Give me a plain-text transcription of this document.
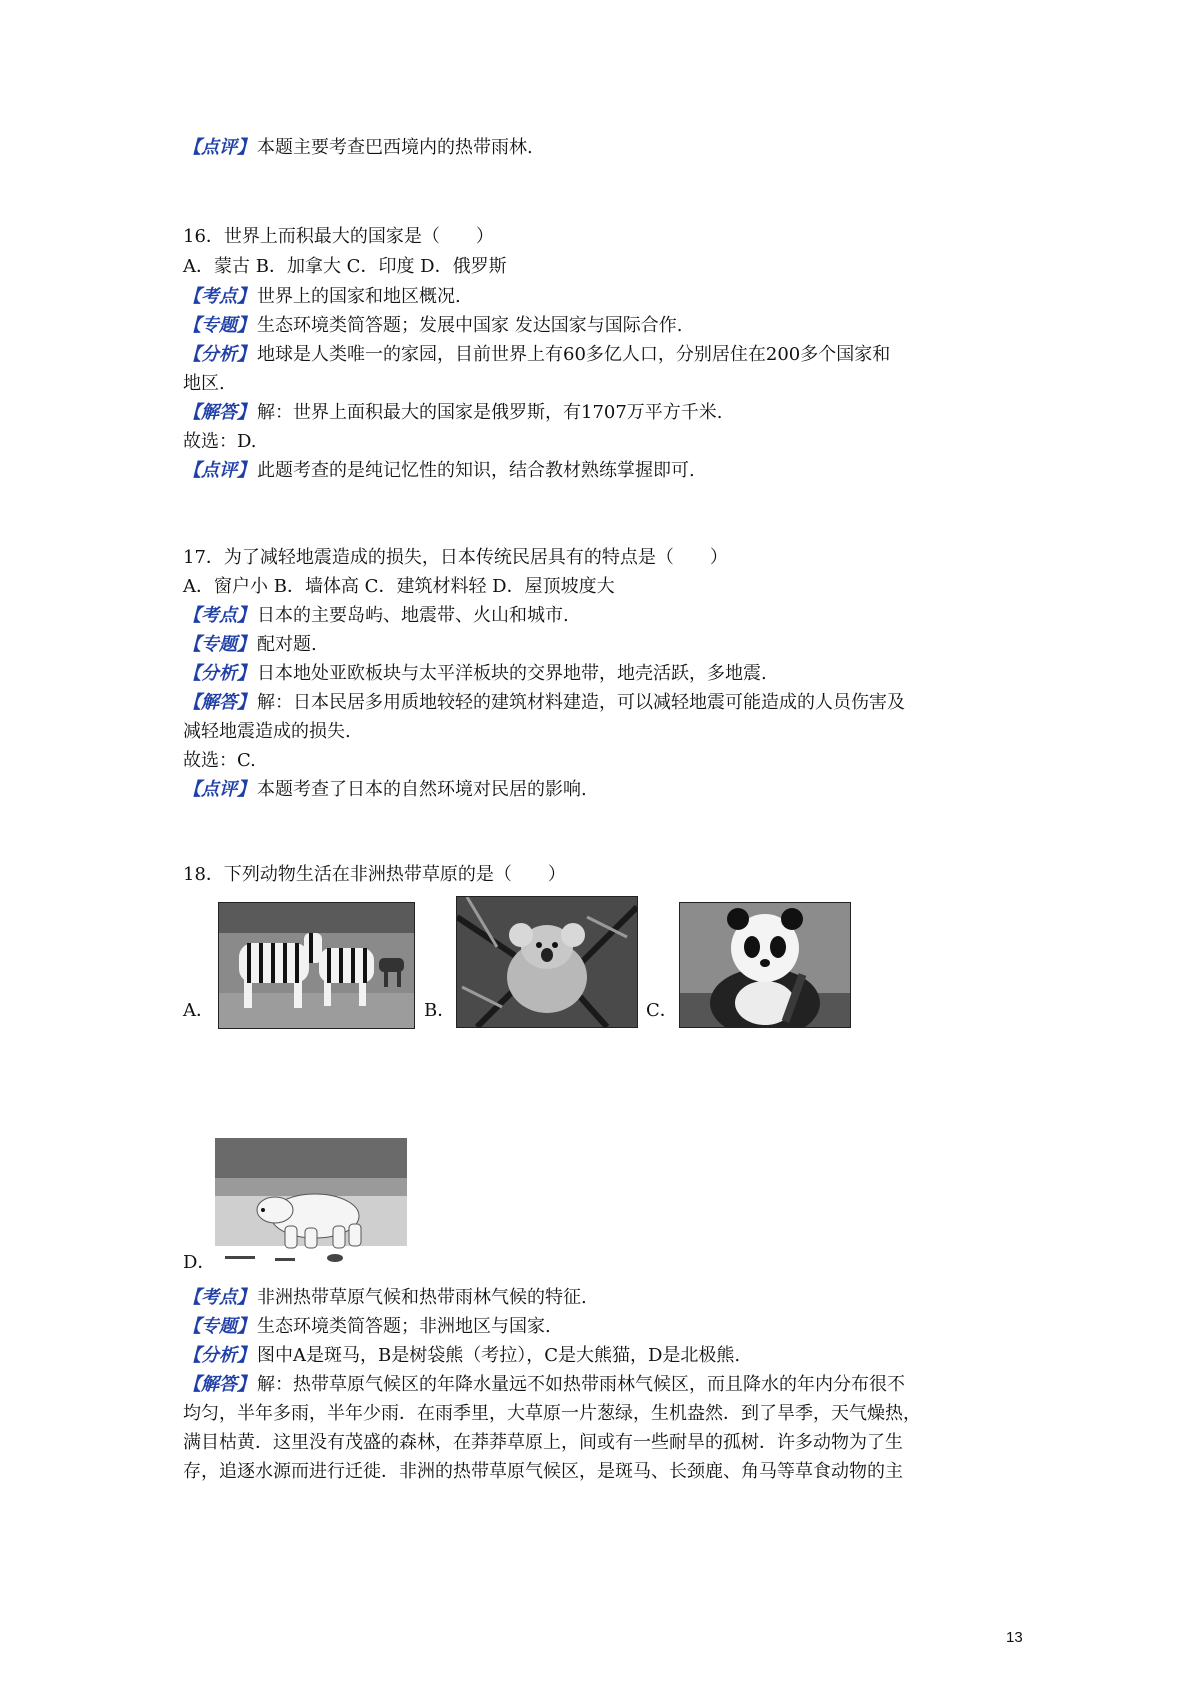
【点评】 本题主要考查巴西境内的热带雨林.
16．世界上而积最大的国家是（　　）
A．蒙古 B．加拿大 C．印度 D．俄罗斯
【考点】 世界上的国家和地区概况.
【专题】 生态环境类简答题；发展中国家 发达国家与国际合作.
【分析】 地球是人类唯一的家园，目前世界上有60多亿人口，分别居住在200多个国家和
地区.
【解答】 解：世界上面积最大的国家是俄罗斯，有1707万平方千米.
故选：D.
【点评】 此题考查的是纯记忆性的知识，结合教材熟练掌握即可.
17．为了减轻地震造成的损失，日本传统民居具有的特点是（　　）
A．窗户小 B．墙体高 C．建筑材料轻 D．屋顶坡度大
【考点】 日本的主要岛屿、地震带、火山和城市.
【专题】 配对题.
【分析】 日本地处亚欧板块与太平洋板块的交界地带，地壳活跃，多地震.
【解答】 解：日本民居多用质地较轻的建筑材料建造，可以减轻地震可能造成的人员伤害及
减轻地震造成的损失.
故选：C.
【点评】 本题考查了日本的自然环境对民居的影响.
18．下列动物生活在非洲热带草原的是（　　）
A．	B．	C．
D．
【考点】 非洲热带草原气候和热带雨林气候的特征.
【专题】 生态环境类简答题；非洲地区与国家.
【分析】 图中A是斑马，B是树袋熊（考拉），C是大熊猫，D是北极熊.
【解答】 解：热带草原气候区的年降水量远不如热带雨林气候区，而且降水的年内分布很不
均匀，半年多雨，半年少雨．在雨季里，大草原一片葱绿，生机盎然．到了旱季，天气燥热，
满目枯黄．这里没有茂盛的森林，在莽莽草原上，间或有一些耐旱的孤树．许多动物为了生
存，追逐水源而进行迁徙．非洲的热带草原气候区，是斑马、长颈鹿、角马等草食动物的主
13
